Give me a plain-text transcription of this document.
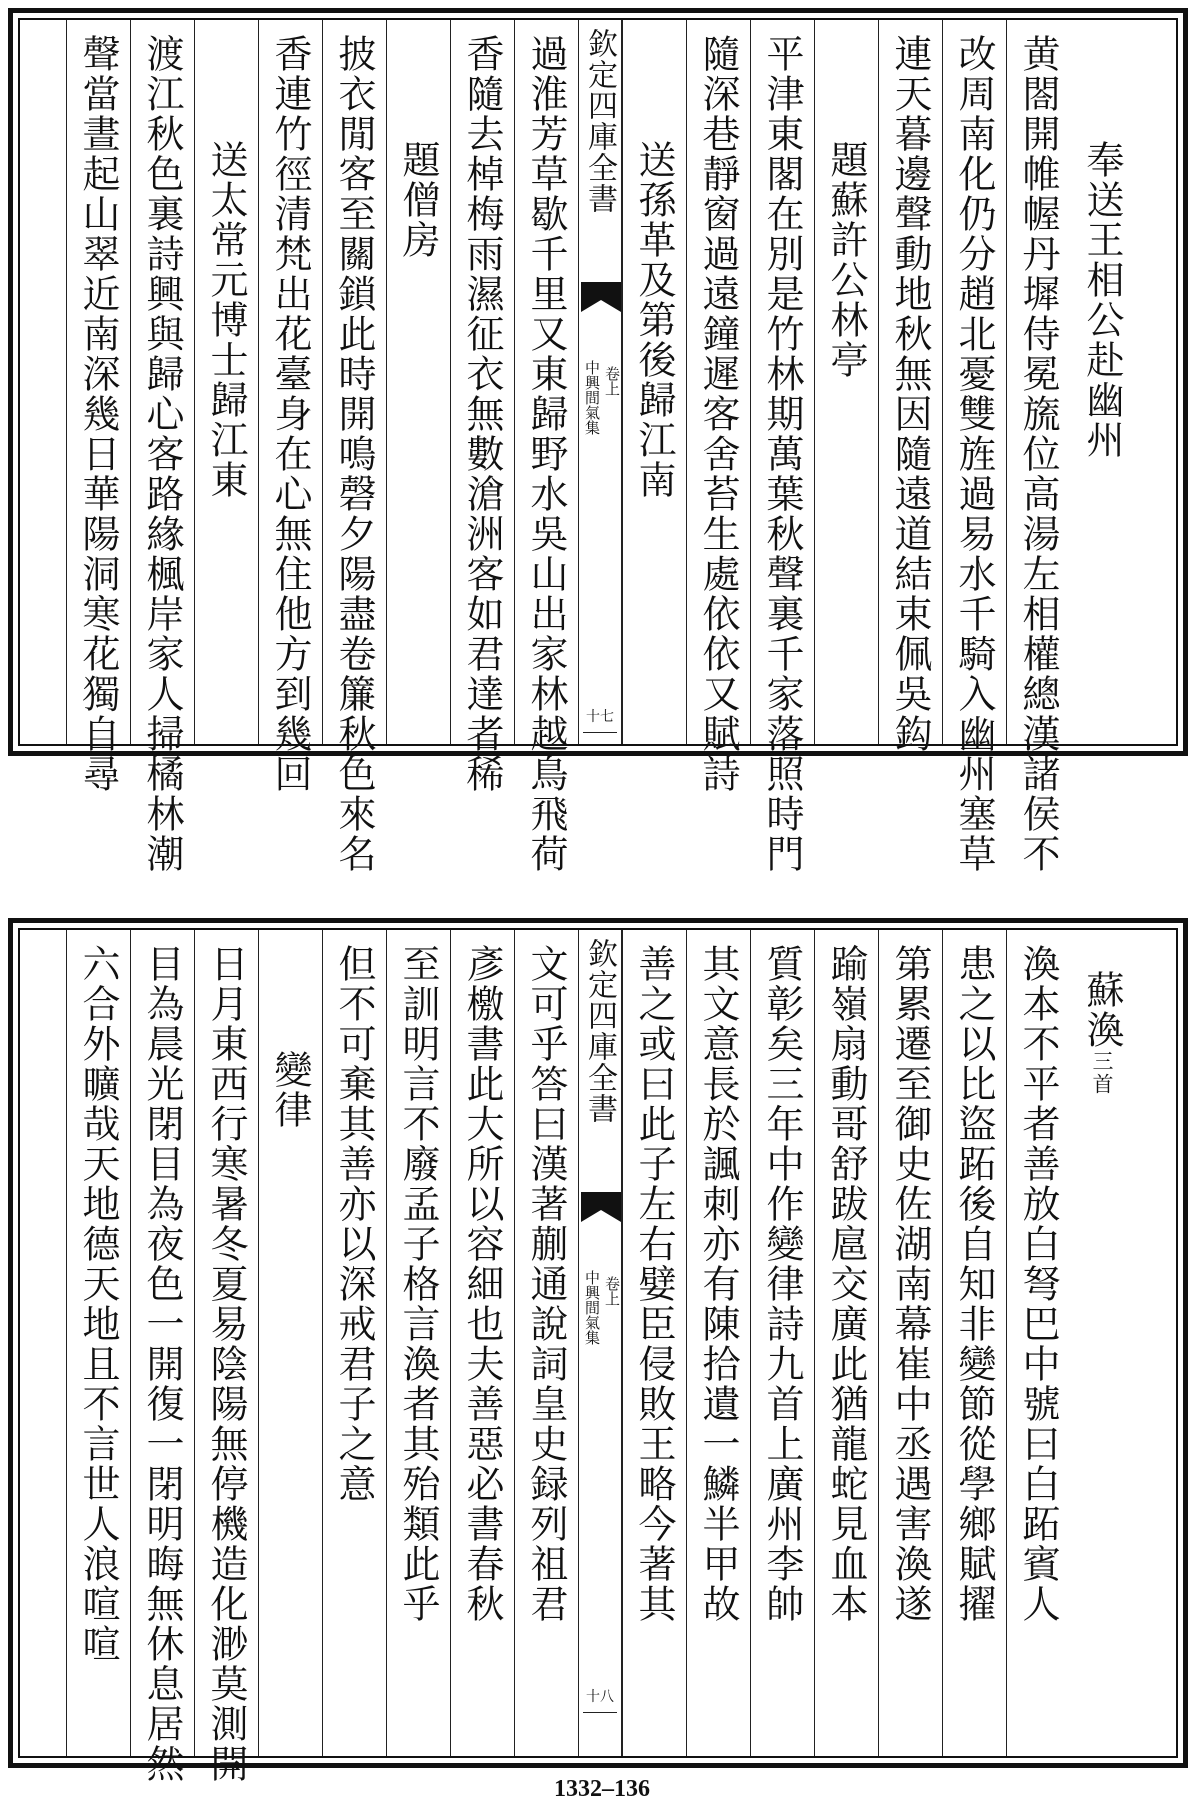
奉送王相公赴幽州
黄閤開帷幄丹墀侍冕旒位高湯左相權總漢諸侯不
改周南化仍分趙北憂雙旌過易水千騎入幽州塞草
連天暮邊聲動地秋無因隨遠道結束佩吳鈎
題蘇許公林亭
平津東閣在別是竹林期萬葉秋聲裏千家落照時門
隨深巷靜窗過遠鐘遲客舍苔生處依依又賦詩
送孫革及第後歸江南
欽定四庫全書
中興間氣集 卷上
十七
過淮芳草歇千里又東歸野水吳山出家林越鳥飛荷
香隨去棹梅雨濕征衣無數滄洲客如君達者稀
題僧房
披衣閒客至關鎖此時開鳴磬夕陽盡卷簾秋色來名
香連竹徑清梵出花臺身在心無住他方到幾回
送太常元博士歸江東
渡江秋色裏詩興與歸心客路緣楓岸家人掃橘林潮
聲當晝起山翠近南深幾日華陽洞寒花獨自尋
蘇渙三首
渙本不平者善放白弩巴中號曰白跖賓人
患之以比盜跖後自知非變節從學鄉賦擢
第累遷至御史佐湖南幕崔中丞遇害渙遂
踰嶺扇動哥舒跋扈交廣此猶龍蛇見血本
質彰矣三年中作變律詩九首上廣州李帥
其文意長於諷刺亦有陳拾遺一鱗半甲故
善之或曰此子左右嬖臣侵敗王略今著其
欽定四庫全書
中興間氣集 卷上
十八
文可乎答曰漢著蒯通說詞皇史録列祖君
彥檄書此大所以容細也夫善惡必書春秋
至訓明言不廢孟子格言渙者其殆類此乎
但不可棄其善亦以深戒君子之意
變律
日月東西行寒暑冬夏易陰陽無停機造化渺莫測開
目為晨光閉目為夜色一開復一閉明晦無休息居然
六合外曠哉天地德天地且不言世人浪喧喧
1332–136
